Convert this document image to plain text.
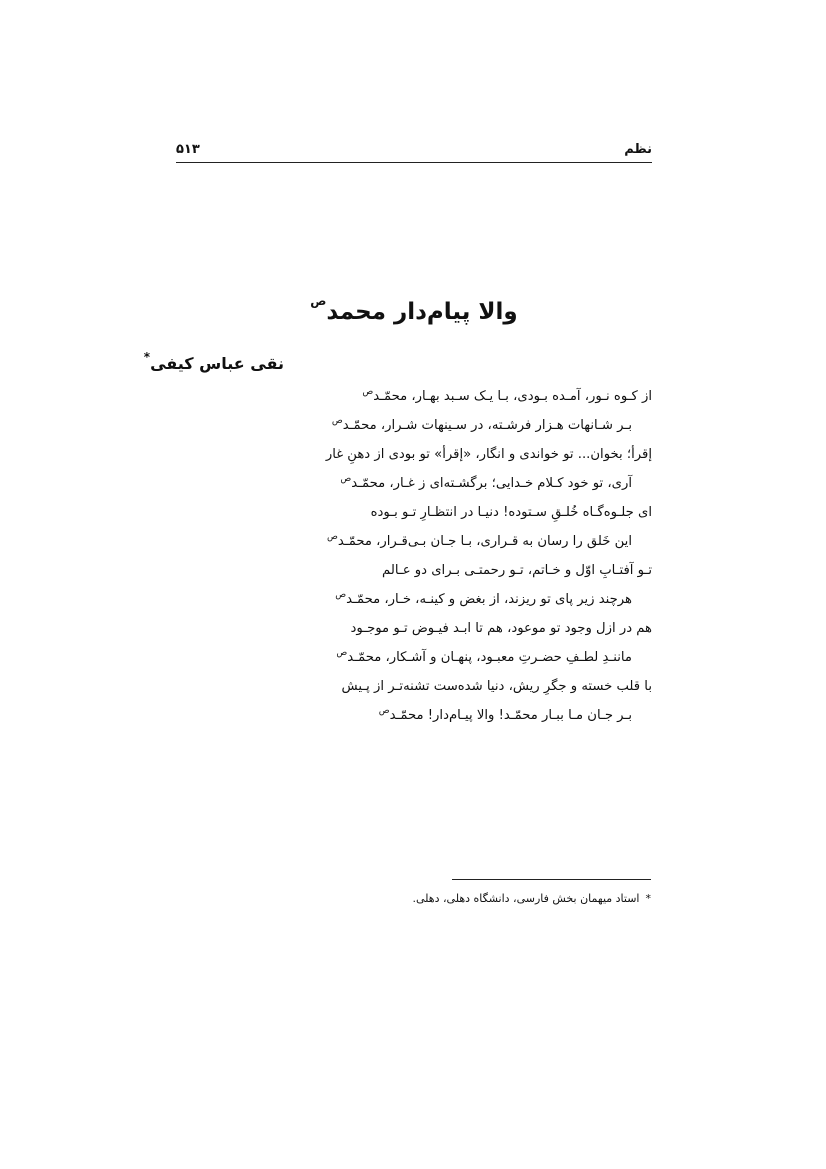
نظم
۵۱۳
والا پیام‌دار محمد$^ص$
نقی عباس کیفی*
از کـوه نـور، آمـده بـودی، بـا یـک سـبد بهـار، محمّـد$^ص$
بـر شـانهات هـزار فرشـته، در سـینهات شـرار، محمّـد$^ص$
إقرأ؛ بخوان... تو خواندی و انگار، «إقرأ» تو بودی از دهنِ غار
آری، تو خود کـلام خـدایی؛ برگشـته‌ای ز غـار، محمّـد$^ص$
ای جلـوه‌گـاه خُلـقِ سـتوده! دنیـا در انتظـارِ تـو بـوده
این خَلق را رسان به قـراری، بـا جـان بـی‌قـرار، محمّـد$^ص$
تـو آفتـابِ اوّل و خـاتم، تـو رحمتـی بـرای دو عـالم
هرچند زیر پای تو ریزند، از بغض و کینـه، خـار، محمّـد$^ص$
هم در ازل وجود تو موعود، هم تا ابـد فیـوض تـو موجـود
ماننـدِ لطـفِ حضـرتِ معبـود، پنهـان و آشـکار، محمّـد$^ص$
با قلب خسته و جگرِ ریش، دنیا شده‌ست تشنه‌تـر از پـیش
بـر جـان مـا ببـار محمّـد! والا پیـام‌دار! محمّـد$^ص$
*استاد میهمان بخش فارسی، دانشگاه دهلی، دهلی.
